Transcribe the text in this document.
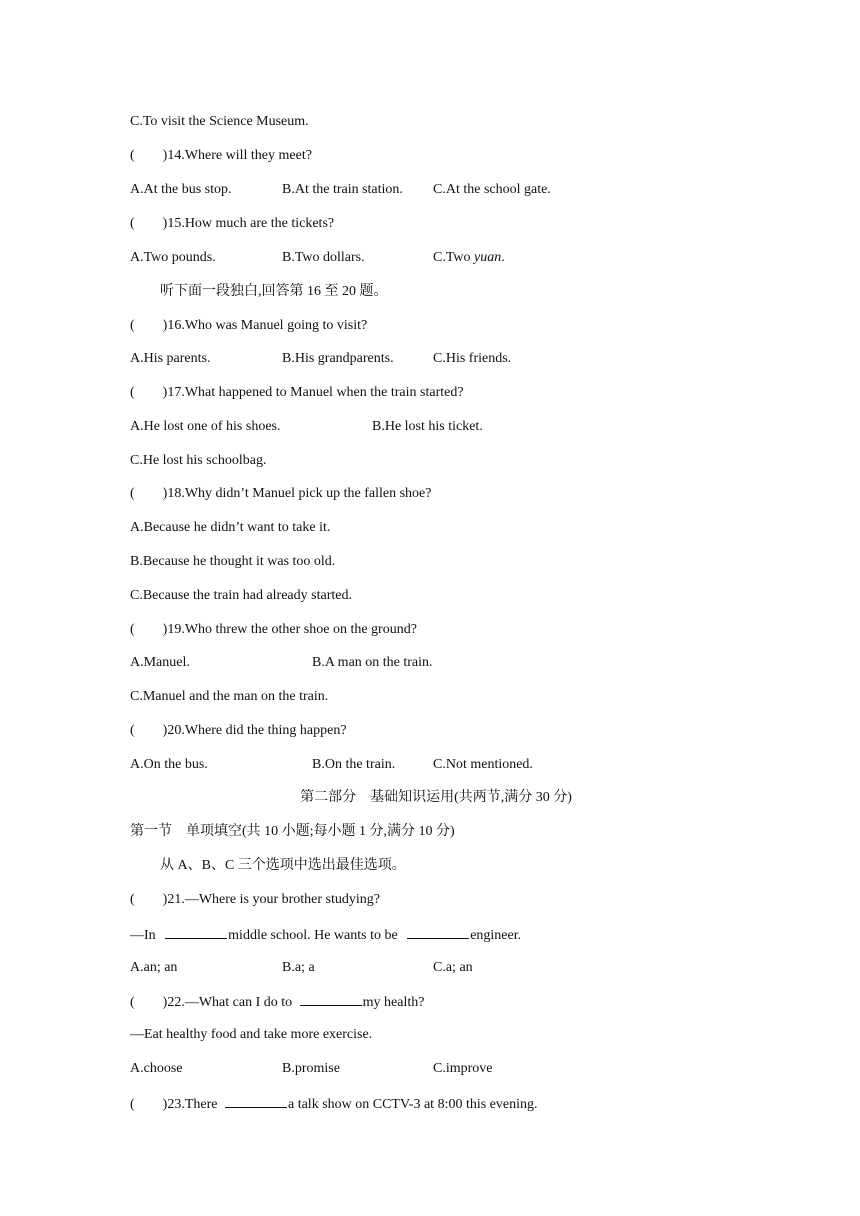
C.To visit the Science Museum.
(        )14.Where will they meet?
A.At the bus stop.	B.At the train station. C.At the school gate.
(        )15.How much are the tickets?
A.Two pounds.	B.Two dollars.	C.Two yuan.
听下面一段独白,回答第 16 至 20 题。
(        )16.Who was Manuel going to visit?
A.His parents.	B.His grandparents.	C.His friends.
(        )17.What happened to Manuel when the train started?
A.He lost one of his shoes.	B.He lost his ticket.
C.He lost his schoolbag.
(        )18.Why didn’t Manuel pick up the fallen shoe?
A.Because he didn’t want to take it.
B.Because he thought it was too old.
C.Because the train had already started.
(        )19.Who threw the other shoe on the ground?
A.Manuel.	B.A man on the train.
C.Manuel and the man on the train.
(        )20.Where did the thing happen?
A.On the bus.	B.On the train.	C.Not mentioned.
第二部分    基础知识运用(共两节,满分 30 分)
第一节    单项填空(共 10 小题;每小题 1 分,满分 10 分)
从 A、B、C 三个选项中选出最佳选项。
(        )21.—Where is your brother studying?
—In	middle school. He wants to be	engineer.
A.an; an	B.a; a	C.a; an
(        )22.—What can I do to	my health?
—Eat healthy food and take more exercise.
A.choose	B.promise	C.improve
(        )23.There	a talk show on CCTV-3 at 8:00 this evening.
